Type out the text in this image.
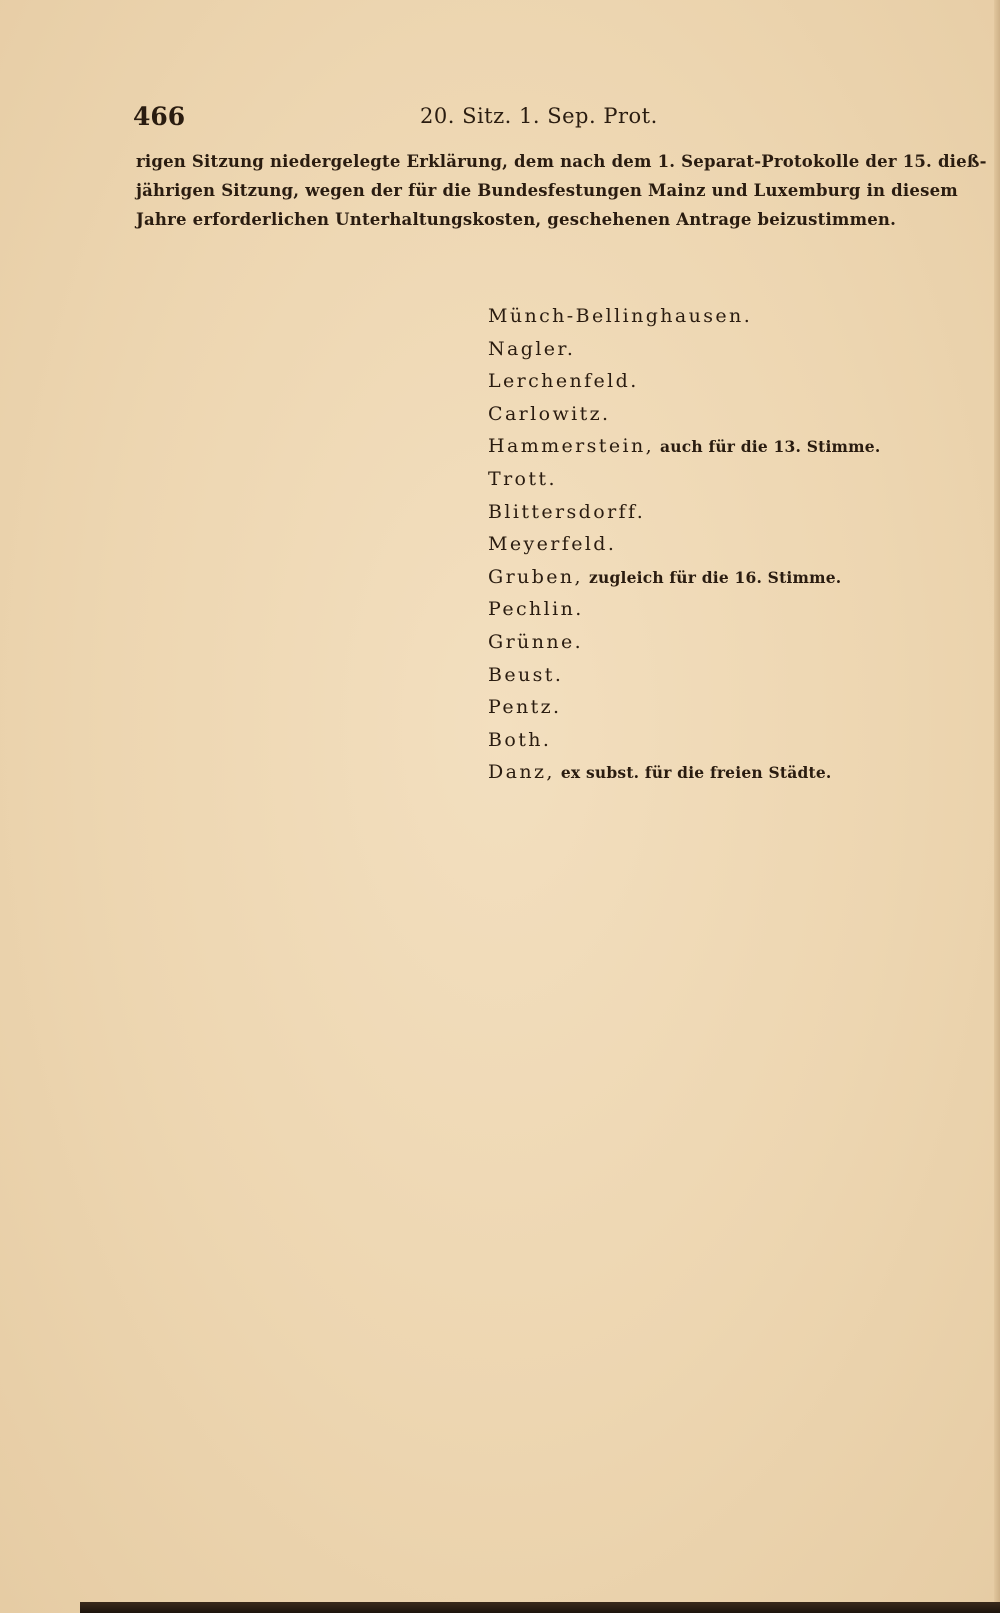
466	20. Sitz. 1. Sep. Prot.
rigen Sitzung niedergelegte Erklärung, dem nach dem 1. Separat-Protokolle der 15. dieß-
jährigen Sitzung, wegen der für die Bundesfestungen Mainz und Luxemburg in diesem
Jahre erforderlichen Unterhaltungskosten, geschehenen Antrage beizustimmen.
Münch-Bellinghausen.
Nagler.
Lerchenfeld.
Carlowitz.
Hammerstein, auch für die 13. Stimme.
Trott.
Blittersdorff.
Meyerfeld.
Gruben, zugleich für die 16. Stimme.
Pechlin.
Grünne.
Beust.
Pentz.
Both.
Danz, ex subst. für die freien Städte.
